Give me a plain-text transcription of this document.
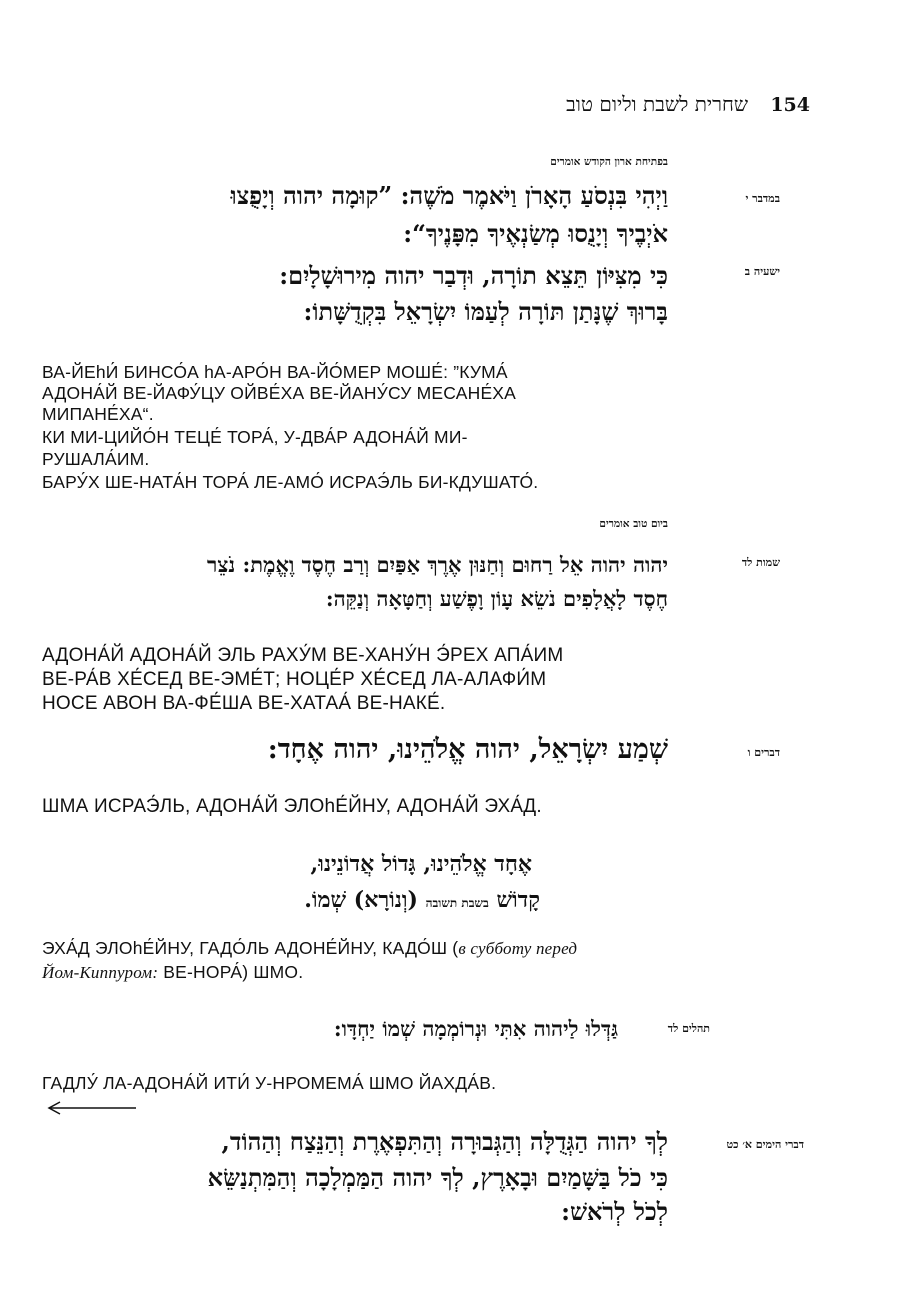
שחרית לשבת וליום טוב 154
בפתיחת ארון הקודש אומרים
במדבר י
וַיְהִי בִּנְסֹעַ הָאָרֹן וַיֹּאמֶר מֹשֶׁה: ”קוּמָה יהוה וְיָפֻצוּ
אֹיְבֶיךָ וְיָנֻסוּ מְשַׂנְאֶיךָ מִפָּנֶיךָ“:
ישעיה ב
כִּי מִצִּיּוֹן תֵּצֵא תוֹרָה, וּדְבַר יהוה מִירוּשָׁלָיִם:
בָּרוּךְ שֶׁנָּתַן תּוֹרָה לְעַמּוֹ יִשְׂרָאֵל בִּקְדֻשָּׁתוֹ:
ВА-ЙЕhИ́ БИНСО́А hА-АРО́Н ВА-ЙО́МЕР МОШЕ́: ”КУМА́
АДОНА́Й ВЕ-ЙАФУ́ЦУ ОЙВЕ́ХА ВЕ-ЙАНУ́СУ МЕСАНЕ́ХА
МИПАНЕ́ХА“.
КИ МИ-ЦИЙО́Н ТЕЦЕ́ ТОРА́, У-ДВА́Р АДОНА́Й МИ-
РУШАЛА́ИМ.
БАРУ́Х ШЕ-НАТА́Н ТОРА́ ЛЕ-АМО́ ИСРАЭ́ЛЬ БИ-КДУШАТО́.
ביום טוב אומרים
שמות לד
יהוה יהוה אֵל רַחוּם וְחַנּוּן אֶרֶךְ אַפַּיִם וְרַב חֶסֶד וֶאֱמֶת: נֹצֵר
חֶסֶד לָאֲלָפִים נֹשֵׂא עָוֹן וָפֶשַׁע וְחַטָּאָה וְנַקֵּה:
АДОНА́Й АДОНА́Й ЭЛЬ РАХУ́М ВЕ-ХАНУ́Н Э́РЕХ АПА́ИМ
ВЕ-РА́В ХЕ́СЕД ВЕ-ЭМЕ́Т; НОЦЕ́Р ХЕ́СЕД ЛА-АЛАФИ́М
НОСЕ АВОН ВА-ФЕ́ША ВЕ-ХАТАА́ ВЕ-НАКЕ́.
דברים ו
שְׁמַע יִשְׂרָאֵל, יהוה אֱלֹהֵינוּ, יהוה אֶחָד:
ШМА ИСРАЭ́ЛЬ, АДОНА́Й ЭЛОhЕ́ЙНУ, АДОНА́Й ЭХА́Д.
אֶחָד אֱלֹהֵינוּ, גָּדוֹל אֲדוֹנֵינוּ,
קָדוֹשׁ בשבת תשובה (וְנוֹרָא) שְׁמוֹ.
ЭХА́Д ЭЛОhЕ́ЙНУ, ГАДО́ЛЬ АДОНЕ́ЙНУ, КАДО́Ш (в субботу перед
Йом-Киппуром: ВЕ-НОРА́) ШМО.
תהלים לד
גַּדְּלוּ לַיהוה אִתִּי וּנְרוֹמְמָה שְׁמוֹ יַחְדָּו:
ГАДЛУ́ ЛА-АДОНА́Й ИТИ́ У-НРОМЕМА́ ШМО ЙАХДА́В.
דברי הימים א׳ כט
לְךָ יהוה הַגְּדֻלָּה וְהַגְּבוּרָה וְהַתִּפְאֶרֶת וְהַנֵּצַח וְהַהוֹד,
כִּי כֹל בַּשָּׁמַיִם וּבָאָרֶץ, לְךָ יהוה הַמַּמְלָכָה וְהַמִּתְנַשֵּׂא
לְכֹל לְרֹאשׁ:
